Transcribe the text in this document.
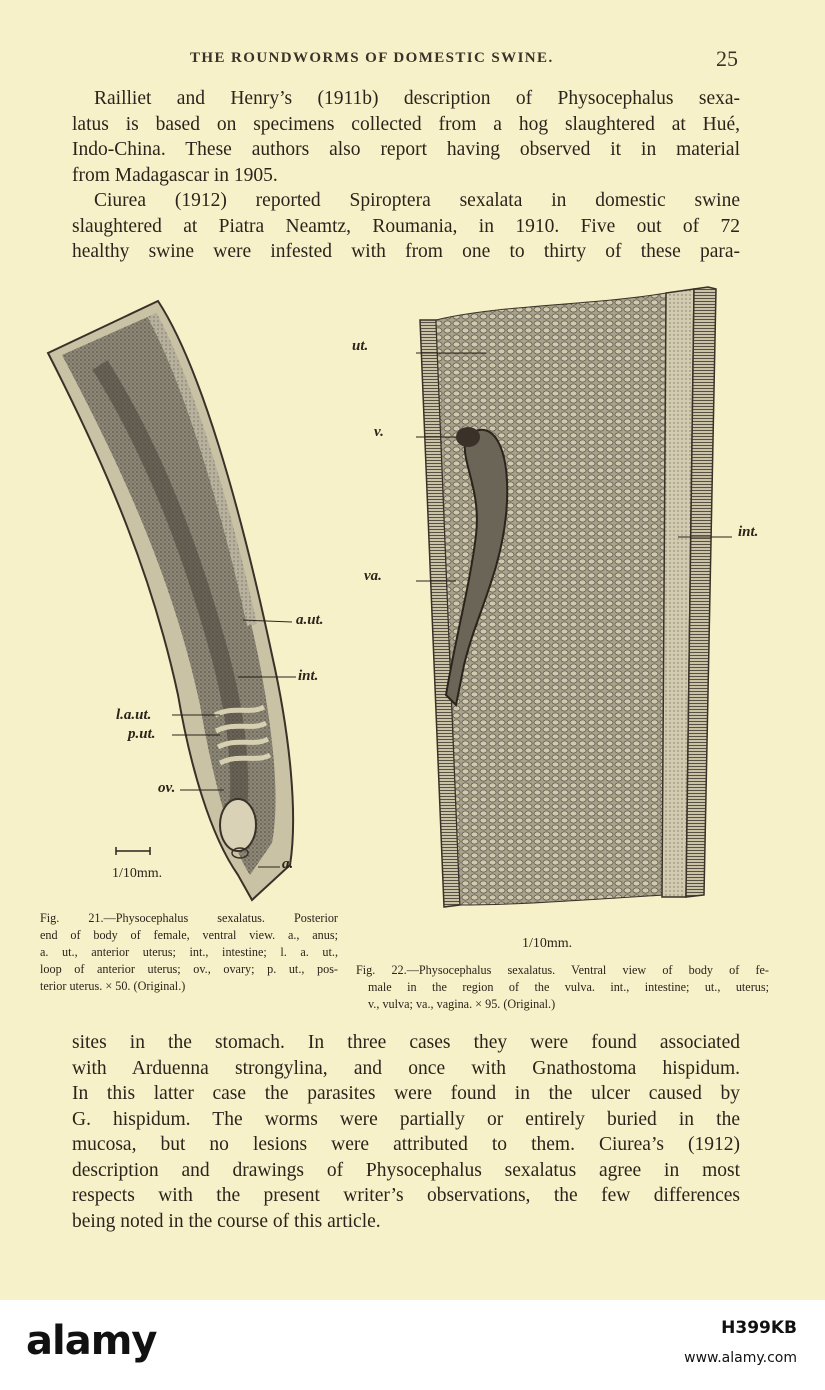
THE ROUNDWORMS OF DOMESTIC SWINE.	25
Railliet and Henry’s (1911b) description of Physocephalus sexa-
latus is based on specimens collected from a hog slaughtered at Hué,
Indo-China. These authors also report having observed it in material
from Madagascar in 1905.
Ciurea (1912) reported Spiroptera sexalata in domestic swine
slaughtered at Piatra Neamtz, Roumania, in 1910. Five out of 72
healthy swine were infested with from one to thirty of these para-
a.ut.
int.
l.a.ut.
p.ut.
ov.
a.
1/10mm.
Fig. 21.—Physocephalus sexalatus. Posterior
end of body of female, ventral view. a., anus;
a. ut., anterior uterus; int., intestine; l. a. ut.,
loop of anterior uterus; ov., ovary; p. ut., pos-
terior uterus. × 50. (Original.)
ut.
v.
va.
int.
1/10mm.
Fig. 22.—Physocephalus sexalatus. Ventral view of body of fe-
male in the region of the vulva. int., intestine; ut., uterus;
v., vulva; va., vagina. × 95. (Original.)
sites in the stomach. In three cases they were found associated
with Arduenna strongylina, and once with Gnathostoma hispidum.
In this latter case the parasites were found in the ulcer caused by
G. hispidum. The worms were partially or entirely buried in the
mucosa, but no lesions were attributed to them. Ciurea’s (1912)
description and drawings of Physocephalus sexalatus agree in most
respects with the present writer’s observations, the few differences
being noted in the course of this article.
alamy	H399KB
www.alamy.com
